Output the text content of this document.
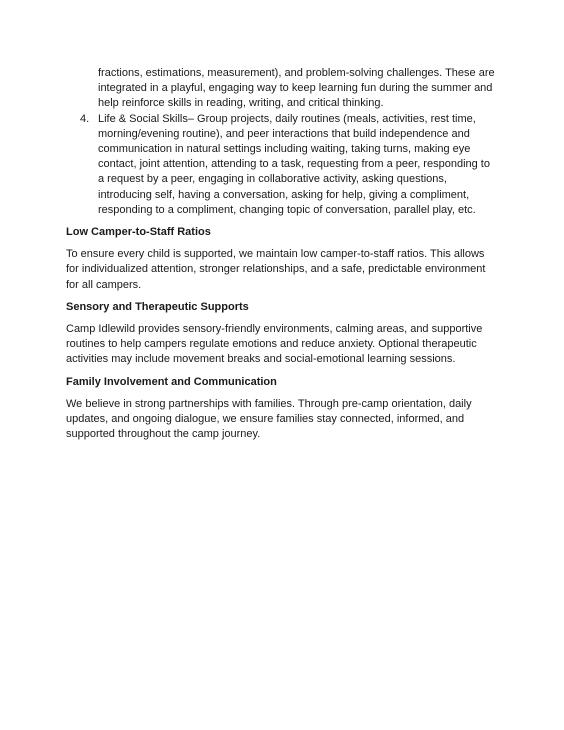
fractions, estimations, measurement), and problem-solving challenges. These are integrated in a playful, engaging way to keep learning fun during the summer and help reinforce skills in reading, writing, and critical thinking.

4. Life & Social Skills– Group projects, daily routines (meals, activities, rest time, morning/evening routine), and peer interactions that build independence and communication in natural settings including waiting, taking turns, making eye contact, joint attention, attending to a task, requesting from a peer, responding to a request by a peer, engaging in collaborative activity, asking questions, introducing self, having a conversation, asking for help, giving a compliment, responding to a compliment, changing topic of conversation, parallel play, etc.

Low Camper-to-Staff Ratios

To ensure every child is supported, we maintain low camper-to-staff ratios. This allows for individualized attention, stronger relationships, and a safe, predictable environment for all campers.

Sensory and Therapeutic Supports

Camp Idlewild provides sensory-friendly environments, calming areas, and supportive routines to help campers regulate emotions and reduce anxiety. Optional therapeutic activities may include movement breaks and social-emotional learning sessions.

Family Involvement and Communication

We believe in strong partnerships with families. Through pre-camp orientation, daily updates, and ongoing dialogue, we ensure families stay connected, informed, and supported throughout the camp journey.
